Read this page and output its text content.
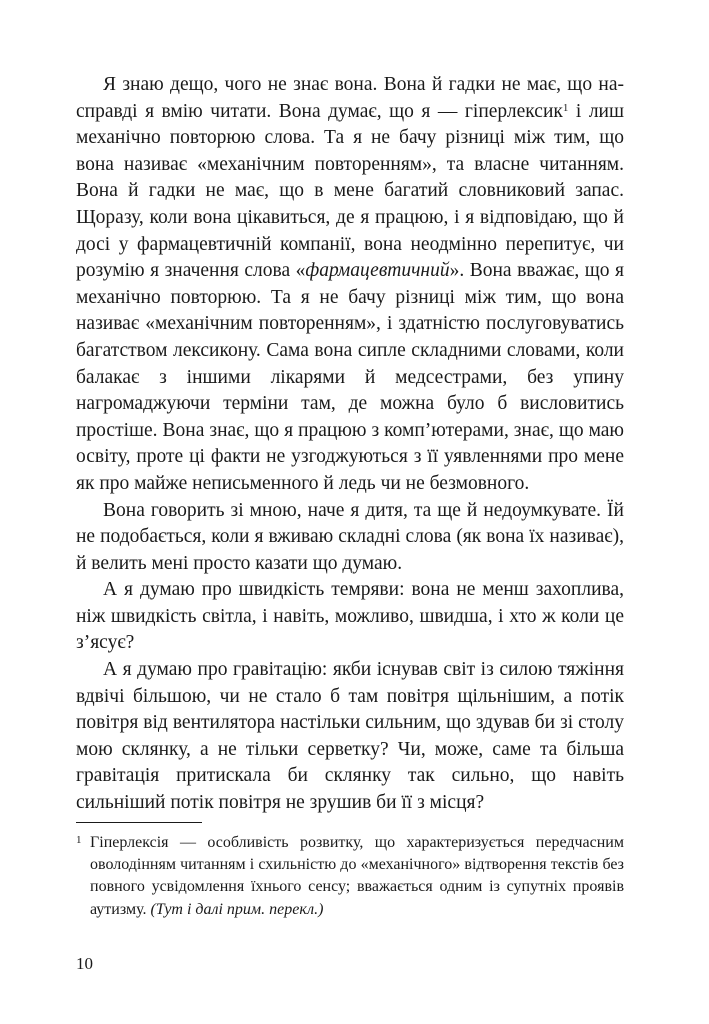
Я знаю дещо, чого не знає вона. Вона й гадки не має, що насправді я вмію читати. Вона думає, що я — гіперлексик$^1$ і лиш механічно повторюю слова. Та я не бачу різниці між тим, що вона називає «механічним повторенням», та власне читанням. Вона й гадки не має, що в мене багатий словниковий запас. Щоразу, коли вона цікавиться, де я працюю, і я відповідаю, що й досі у фармацевтичній компанії, вона неодмінно перепитує, чи розумію я значення слова «фармацевтичний». Вона вважає, що я механічно повторюю. Та я не бачу різниці між тим, що вона називає «механічним повторенням», і здатністю послуговуватись багатством лексикону. Сама вона сипле складними словами, коли балакає з іншими лікарями й медсестрами, без упину нагромаджуючи терміни там, де можна було б висловитись простіше. Вона знає, що я працюю з комп’ютерами, знає, що маю освіту, проте ці факти не узгоджуються з її уявленнями про мене як про майже неписьменного й ледь чи не безмовного.

Вона говорить зі мною, наче я дитя, та ще й недоумкувате. Їй не подобається, коли я вживаю складні слова (як вона їх називає), й велить мені просто казати що думаю.

А я думаю про швидкість темряви: вона не менш захоплива, ніж швидкість світла, і навіть, можливо, швидша, і хто ж коли це з’ясує?

А я думаю про гравітацію: якби існував світ із силою тяжіння вдвічі більшою, чи не стало б там повітря щільнішим, а потік повітря від вентилятора настільки сильним, що здував би зі столу мою склянку, а не тільки серветку? Чи, може, саме та більша гравітація притискала би склянку так сильно, що навіть сильніший потік повітря не зрушив би її з місця?

1 Гіперлексія — особливість розвитку, що характеризується передчасним оволодінням читанням і схильністю до «механічного» відтворення текстів без повного усвідомлення їхнього сенсу; вважається одним із супутніх проявів аутизму. (Тут і далі прим. перекл.)
10
